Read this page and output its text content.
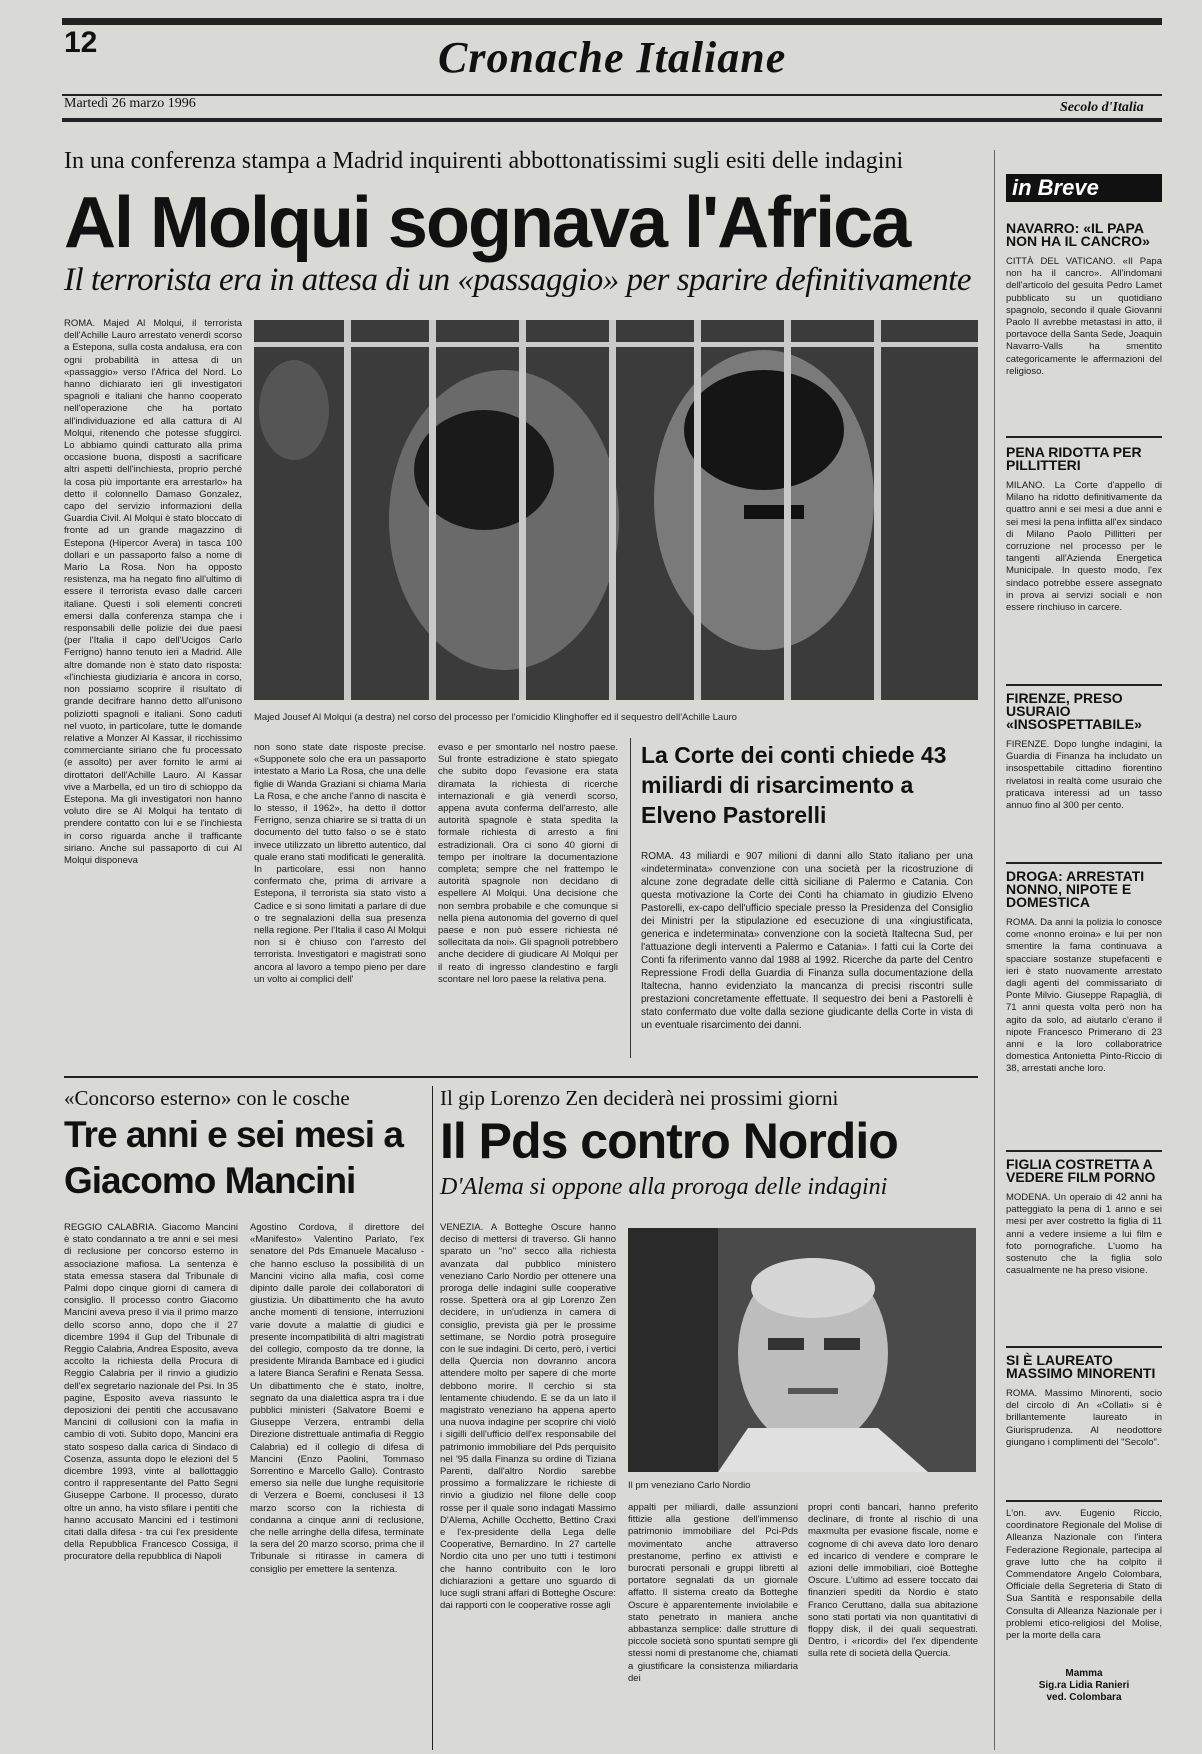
12	Cronache Italiane
Martedì 26 marzo 1996	Secolo d'Italia
In una conferenza stampa a Madrid inquirenti abbottonatissimi sugli esiti delle indagini
Al Molqui sognava l'Africa
Il terrorista era in attesa di un «passaggio» per sparire definitivamente
ROMA. Majed Al Molqui, il terrorista dell'Achille Lauro arrestato venerdì scorso a Estepona, sulla costa andalusa, era con ogni probabilità in attesa di un «passaggio» verso l'Africa del Nord. Lo hanno dichiarato ieri gli investigatori spagnoli e italiani che hanno cooperato nell'operazione che ha portato all'individuazione ed alla cattura di Al Molqui, ritenendo che potesse sfuggirci. Lo abbiamo quindi catturato alla prima occasione buona, disposti a sacrificare altri aspetti dell'inchiesta, proprio perché la cosa più importante era arrestarlo» ha detto il colonnello Damaso Gonzalez, capo del servizio informazioni della Guardia Civil. Al Molqui è stato bloccato di fronte ad un grande magazzino di Estepona (Hipercor Avera) in tasca 100 dollari e un passaporto falso a nome di Mario La Rosa. Non ha opposto resistenza, ma ha negato fino all'ultimo di essere il terrorista evaso dalle carceri italiane. Questi i soli elementi concreti emersi dalla conferenza stampa che i responsabili delle polizie dei due paesi (per l'Italia il capo dell'Ucigos Carlo Ferrigno) hanno tenuto ieri a Madrid. Alle altre domande non è stato dato risposta: «l'inchiesta giudiziaria è ancora in corso, non possiamo scoprire il risultato di grande decifrare hanno detto all'unisono poliziotti spagnoli e italiani. Sono caduti nel vuoto, in particolare, tutte le domande relative a Monzer Al Kassar, il ricchissimo commerciante siriano che fu processato (e assolto) per aver fornito le armi ai dirottatori dell'Achille Lauro. Al Kassar vive a Marbella, ed un tiro di schioppo da Estepona. Ma gli investigatori non hanno voluto dire se Al Molqui ha tentato di prendere contatto con lui e se l'inchiesta in corso riguarda anche il trafficante siriano. Anche sul passaporto di cui Al Molqui disponeva
Majed Jousef Al Molqui (a destra) nel corso del processo per l'omicidio Klinghoffer ed il sequestro dell'Achille Lauro
non sono state date risposte precise. «Supponete solo che era un passaporto intestato a Mario La Rosa, che una delle figlie di Wanda Graziani si chiama Maria La Rosa, e che anche l'anno di nascita è lo stesso, il 1962», ha detto il dottor Ferrigno, senza chiarire se si tratta di un documento del tutto falso o se è stato invece utilizzato un libretto autentico, dal quale erano stati modificati le generalità. In particolare, essi non hanno confermato che, prima di arrivare a Estepona, il terrorista sia stato visto a Cadice e si sono limitati a parlare di due o tre segnalazioni della sua presenza nella regione. Per l'Italia il caso Al Molqui non si è chiuso con l'arresto del terrorista. Investigatori e magistrati sono ancora al lavoro a tempo pieno per dare un volto ai complici dell'
evaso e per smontarlo nel nostro paese. Sul fronte estradizione è stato spiegato che subito dopo l'evasione era stata diramata la richiesta di ricerche internazionali e già venerdì scorso, appena avuta conferma dell'arresto, alle autorità spagnole è stata spedita la formale richiesta di arresto a fini estradizionali. Ora ci sono 40 giorni di tempo per inoltrare la documentazione completa; sempre che nel frattempo le autorità spagnole non decidano di espellere Al Molqui. Una decisione che non sembra probabile e che comunque si nella piena autonomia del governo di quel paese e non può essere richiesta né sollecitata da noi». Gli spagnoli potrebbero anche decidere di giudicare Al Molqui per il reato di ingresso clandestino e fargli scontare nel loro paese la relativa pena.
La Corte dei conti chiede 43 miliardi di risarcimento a Elveno Pastorelli
ROMA. 43 miliardi e 907 milioni di danni allo Stato italiano per una «indeterminata» convenzione con una società per la ricostruzione di alcune zone degradate delle città siciliane di Palermo e Catania. Con questa motivazione la Corte dei Conti ha chiamato in giudizio Elveno Pastorelli, ex-capo dell'ufficio speciale presso la Presidenza del Consiglio dei Ministri per la stipulazione ed esecuzione di una «ingiustificata, generica e indeterminata» convenzione con la società Italtecna Sud, per l'attuazione degli interventi a Palermo e Catania». I fatti cui la Corte dei Conti fa riferimento vanno dal 1988 al 1992. Ricerche da parte del Centro Repressione Frodi della Guardia di Finanza sulla documentazione della Italtecna, hanno evidenziato la mancanza di precisi riscontri sulle prestazioni concretamente effettuate. Il sequestro dei beni a Pastorelli è stato confermato due volte dalla sezione giudicante della Corte in vista di un eventuale risarcimento dei danni.
«Concorso esterno» con le cosche
Tre anni e sei mesi a Giacomo Mancini
REGGIO CALABRIA. Giacomo Mancini è stato condannato a tre anni e sei mesi di reclusione per concorso esterno in associazione mafiosa. La sentenza è stata emessa stasera dal Tribunale di Palmi dopo cinque giorni di camera di consiglio. Il processo contro Giacomo Mancini aveva preso il via il primo marzo dello scorso anno, dopo che il 27 dicembre 1994 il Gup del Tribunale di Reggio Calabria, Andrea Esposito, aveva accolto la richiesta della Procura di Reggio Calabria per il rinvio a giudizio dell'ex segretario nazionale del Psi. In 35 pagine, Esposito aveva riassunto le deposizioni dei pentiti che accusavano Mancini di collusioni con la mafia in cambio di voti. Subito dopo, Mancini era stato sospeso dalla carica di Sindaco di Cosenza, assunta dopo le elezioni del 5 dicembre 1993, vinte al ballottaggio contro il rappresentante del Patto Segni Giuseppe Carbone. Il processo, durato oltre un anno, ha visto sfilare i pentiti che hanno accusato Mancini ed i testimoni citati dalla difesa - tra cui l'ex presidente della Repubblica Francesco Cossiga, il procuratore della repubblica di Napoli
Agostino Cordova, il direttore del «Manifesto» Valentino Parlato, l'ex senatore del Pds Emanuele Macaluso - che hanno escluso la possibilità di un Mancini vicino alla mafia, così come dipinto dalle parole dei collaboratori di giustizia. Un dibattimento che ha avuto anche momenti di tensione, interruzioni varie dovute a malattie di giudici e presente incompatibilità di altri magistrati del collegio, composto da tre donne, la presidente Miranda Bambace ed i giudici a latere Bianca Serafini e Renata Sessa. Un dibattimento che è stato, inoltre, segnato da una dialettica aspra tra i due pubblici ministeri (Salvatore Boemi e Giuseppe Verzera, entrambi della Direzione distrettuale antimafia di Reggio Calabria) ed il collegio di difesa di Mancini (Enzo Paolini, Tommaso Sorrentino e Marcello Gallo). Contrasto emerso sia nelle due lunghe requisitorie di Verzera e Boemi, conclusesi il 13 marzo scorso con la richiesta di condanna a cinque anni di reclusione, che nelle arringhe della difesa, terminate la sera del 20 marzo scorso, prima che il Tribunale si ritirasse in camera di consiglio per emettere la sentenza.
Il gip Lorenzo Zen deciderà nei prossimi giorni
Il Pds contro Nordio
D'Alema si oppone alla proroga delle indagini
VENEZIA. A Botteghe Oscure hanno deciso di mettersi di traverso. Gli hanno sparato un "no" secco alla richiesta avanzata dal pubblico ministero veneziano Carlo Nordio per ottenere una proroga delle indagini sulle cooperative rosse. Spetterà ora al gip Lorenzo Zen decidere, in un'udienza in camera di consiglio, prevista già per le prossime settimane, se Nordio potrà proseguire con le sue indagini. Di certo, però, i vertici della Quercia non dovranno ancora attendere molto per sapere di che morte debbono morire. Il cerchio si sta lentamente chiudendo. E se da un lato il magistrato veneziano ha appena aperto una nuova indagine per scoprire chi violò i sigilli dell'ufficio dell'ex responsabile del patrimonio immobiliare del Pds perquisito nel '95 dalla Finanza su ordine di Tiziana Parenti, dall'altro Nordio sarebbe prossimo a formalizzare le richieste di rinvio a giudizio nel filone delle coop rosse per il quale sono indagati Massimo D'Alema, Achille Occhetto, Bettino Craxi e l'ex-presidente della Lega delle Cooperative, Bernardino. In 27 cartelle Nordio cita uno per uno tutti i testimoni che hanno contribuito con le loro dichiarazioni a gettare uno sguardo di luce sugli strani affari di Botteghe Oscure: dai rapporti con le cooperative rosse agli
Il pm veneziano Carlo Nordio
appalti per miliardi, dalle assunzioni fittizie alla gestione dell'immenso patrimonio immobiliare del Pci-Pds movimentato anche attraverso prestanome, perfino ex attivisti e burocrati personali e gruppi libretti al portatore segnalati da un giornale affatto. Il sistema creato da Botteghe Oscure è apparentemente inviolabile e stato penetrato in maniera anche abbastanza semplice: dalle strutture di piccole società sono spuntati sempre gli stessi nomi di prestanome che, chiamati a giustificare la consistenza miliardaria dei
propri conti bancari, hanno preferito declinare, di fronte al rischio di una maxmulta per evasione fiscale, nome e cognome di chi aveva dato loro denaro ed incarico di vendere e comprare le azioni delle immobiliari, cioè Botteghe Oscure. L'ultimo ad essere toccato dai finanzieri spediti da Nordio è stato Franco Ceruttano, dalla sua abitazione sono stati portati via non quantitativi di floppy disk, il dei quali sequestrati. Dentro, i «ricordi» del l'ex dipendente sulla rete di società della Quercia.
in Breve
NAVARRO: «IL PAPA NON HA IL CANCRO»
CITTÀ DEL VATICANO. «Il Papa non ha il cancro». All'indomani dell'articolo del gesuita Pedro Lamet pubblicato su un quotidiano spagnolo, secondo il quale Giovanni Paolo II avrebbe metastasi in atto, il portavoce della Santa Sede, Joaquin Navarro-Valls ha smentito categoricamente le affermazioni del religioso.
PENA RIDOTTA PER PILLITTERI
MILANO. La Corte d'appello di Milano ha ridotto definitivamente da quattro anni e sei mesi a due anni e sei mesi la pena inflitta all'ex sindaco di Milano Paolo Pillitteri per corruzione nel processo per le tangenti all'Azienda Energetica Municipale. In questo modo, l'ex sindaco potrebbe essere assegnato in prova ai servizi sociali e non essere rinchiuso in carcere.
FIRENZE, PRESO USURAIO «INSOSPETTABILE»
FIRENZE. Dopo lunghe indagini, la Guardia di Finanza ha includato un insospettabile cittadino fiorentino rivelatosi in realtà come usuraio che praticava interessi ad un tasso annuo fino al 300 per cento.
DROGA: ARRESTATI NONNO, NIPOTE E DOMESTICA
ROMA. Da anni la polizia lo conosce come «nonno eroina» e lui per non smentire la fama continuava a spacciare sostanze stupefacenti e ieri è stato nuovamente arrestato dagli agenti del commissariato di Ponte Milvio. Giuseppe Rapaglià, di 71 anni questa volta però non ha agito da solo, ad aiutarlo c'erano il nipote Francesco Primerano di 23 anni e la loro collaboratrice domestica Antonietta Pinto-Riccio di 38, arrestati anche loro.
FIGLIA COSTRETTA A VEDERE FILM PORNO
MODENA. Un operaio di 42 anni ha patteggiato la pena di 1 anno e sei mesi per aver costretto la figlia di 11 anni a vedere insieme a lui film e foto pornografiche. L'uomo ha sostenuto che la figlia solo casualmente ne ha preso visione.
SI È LAUREATO MASSIMO MINORENTI
ROMA. Massimo Minorenti, socio del circolo di An «Collati» si è brillantemente laureato in Giurisprudenza. Al neodottore giungano i complimenti del "Secolo".
L'on. avv. Eugenio Riccio, coordinatore Regionale del Molise di Alleanza Nazionale con l'intera Federazione Regionale, partecipa al grave lutto che ha colpito il Commendatore Angelo Colombara, Officiale della Segreteria di Stato di Sua Santità e responsabile della Consulta di Alleanza Nazionale per i problemi etico-religiosi del Molise, per la morte della cara
Mamma
Sig.ra Lidia Ranieri
ved. Colombara
